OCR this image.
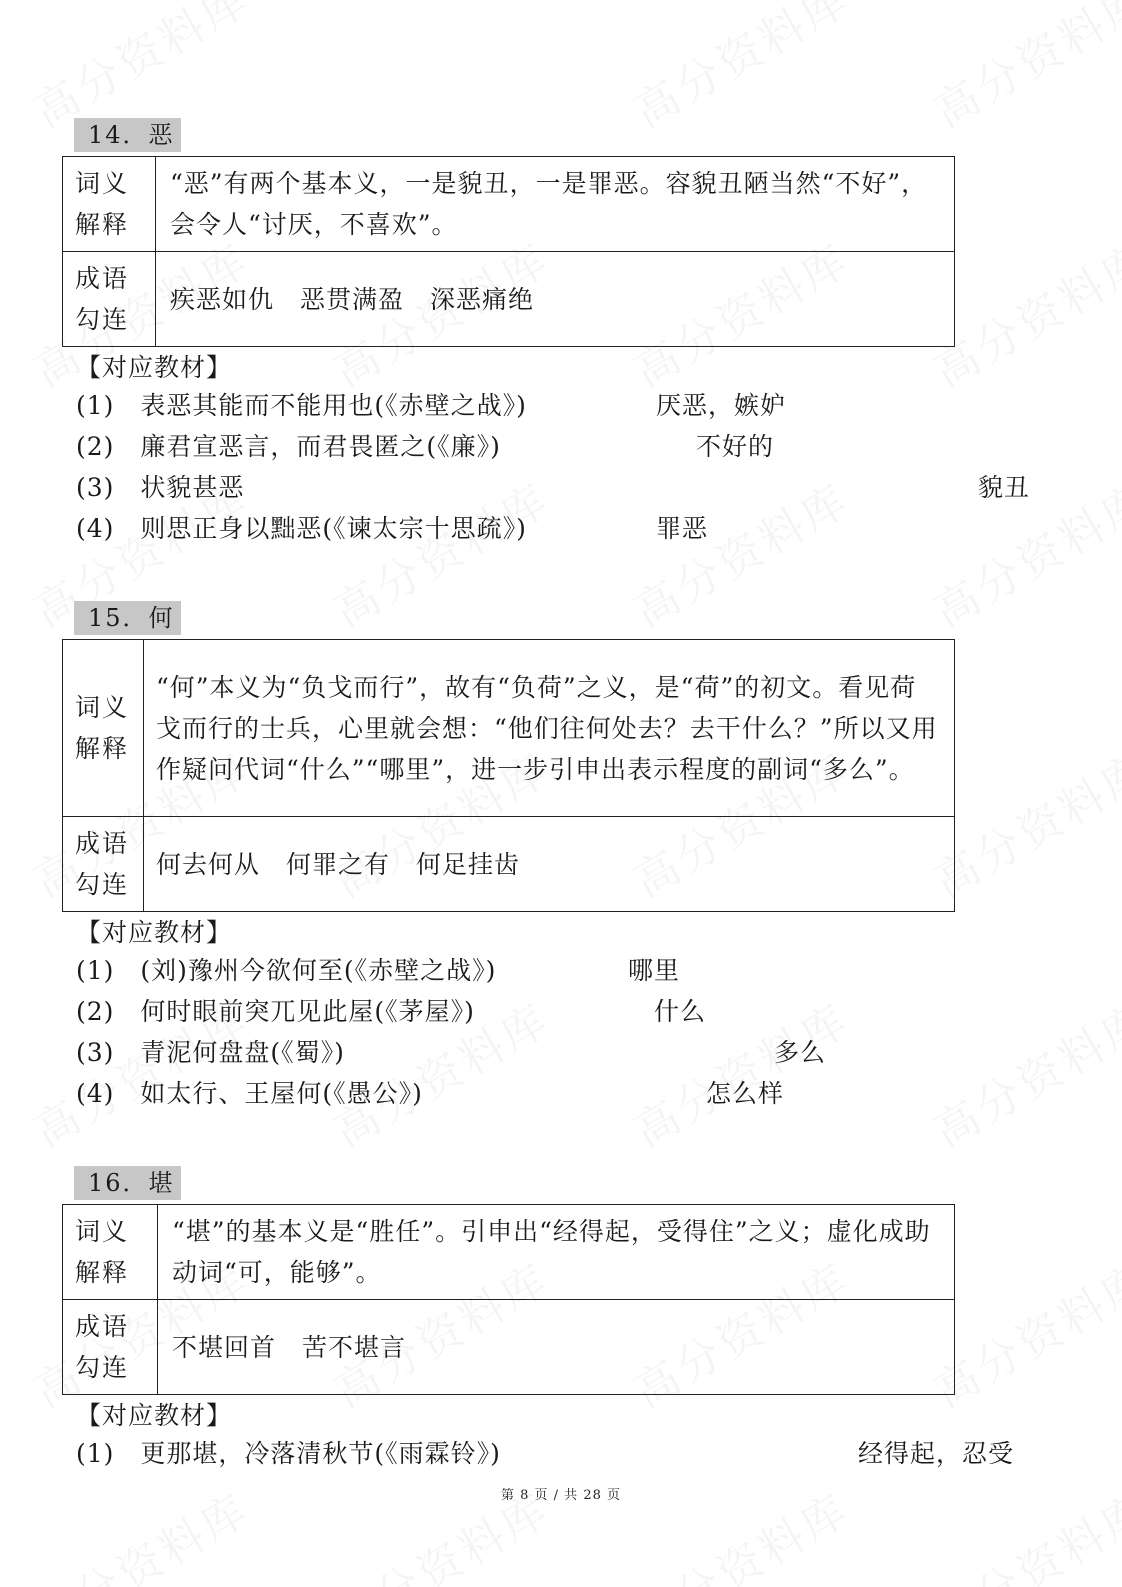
14．恶
词义解释	“恶”有两个基本义，一是貌丑，一是罪恶。容貌丑陋当然“不好”，会令人“讨厌，不喜欢”。
成语勾连	疾恶如仇　恶贯满盈　深恶痛绝
【对应教材】
(1)　表恶其能而不能用也(《赤壁之战》)	厌恶，嫉妒
(2)　廉君宣恶言，而君畏匿之(《廉》)	不好的
(3)　状貌甚恶	貌丑
(4)　则思正身以黜恶(《谏太宗十思疏》)	罪恶
15．何
词义解释	“何”本义为“负戈而行”，故有“负荷”之义，是“荷”的初文。看见荷戈而行的士兵，心里就会想：“他们往何处去？去干什么？”所以又用作疑问代词“什么”“哪里”，进一步引申出表示程度的副词“多么”。
成语勾连	何去何从　何罪之有　何足挂齿
【对应教材】
(1)　(刘)豫州今欲何至(《赤壁之战》)	哪里
(2)　何时眼前突兀见此屋(《茅屋》)	什么
(3)　青泥何盘盘(《蜀》)	多么
(4)　如太行、王屋何(《愚公》)	怎么样
16．堪
词义解释	“堪”的基本义是“胜任”。引申出“经得起，受得住”之义；虚化成助动词“可，能够”。
成语勾连	不堪回首　苦不堪言
【对应教材】
(1)　更那堪，冷落清秋节(《雨霖铃》)	经得起，忍受
第 8 页 / 共 28 页
